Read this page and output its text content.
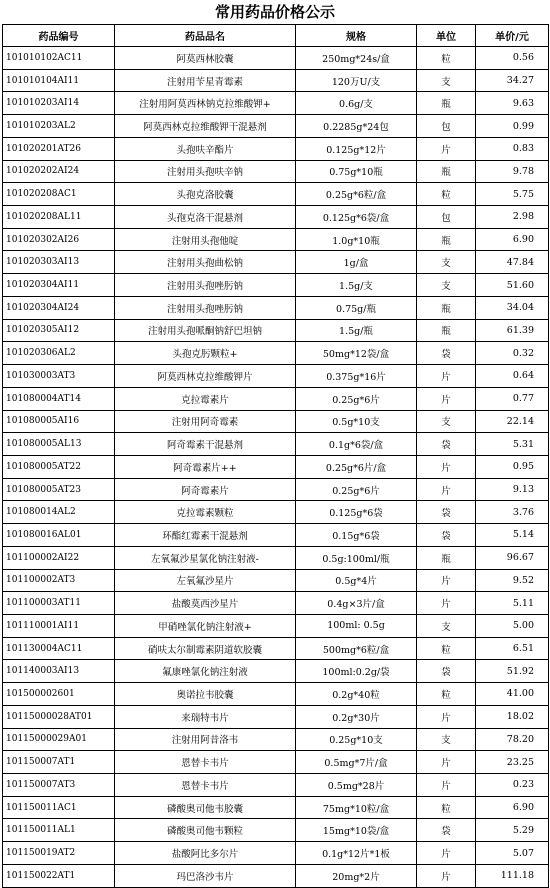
常用药品价格公示
药品编号	药品品名	规格	单位	单价/元
101010102AC11	阿莫西林胶囊	250mg*24s/盒	粒	0.56
101010104AI11	注射用苄星青霉素	120万U/支	支	34.27
101010203AI14	注射用阿莫西林钠克拉维酸钾+	0.6g/支	瓶	9.63
101010203AL2	阿莫西林克拉维酸钾干混悬剂	0.2285g*24包	包	0.99
101020201AT26	头孢呋辛酯片	0.125g*12片	片	0.83
101020202AI24	注射用头孢呋辛钠	0.75g*10瓶	瓶	9.78
101020208AC1	头孢克洛胶囊	0.25g*6粒/盒	粒	5.75
101020208AL11	头孢克洛干混悬剂	0.125g*6袋/盒	包	2.98
101020302AI26	注射用头孢他啶	1.0g*10瓶	瓶	6.90
101020303AI13	注射用头孢曲松钠	1g/盒	支	47.84
101020304AI11	注射用头孢唑肟钠	1.5g/支	支	51.60
101020304AI24	注射用头孢唑肟钠	0.75g/瓶	瓶	34.04
101020305AI12	注射用头孢哌酮钠舒巴坦钠	1.5g/瓶	瓶	61.39
101020306AL2	头孢克肟颗粒+	50mg*12袋/盒	袋	0.32
101030003AT3	阿莫西林克拉维酸钾片	0.375g*16片	片	0.64
101080004AT14	克拉霉素片	0.25g*6片	片	0.77
101080005AI16	注射用阿奇霉素	0.5g*10支	支	22.14
101080005AL13	阿奇霉素干混悬剂	0.1g*6袋/盒	袋	5.31
101080005AT22	阿奇霉素片++	0.25g*6片/盒	片	0.95
101080005AT23	阿奇霉素片	0.25g*6片	片	9.13
101080014AL2	克拉霉素颗粒	0.125g*6袋	袋	3.76
101080016AL01	环酯红霉素干混悬剂	0.15g*6袋	袋	5.14
101100002AI22	左氧氟沙星氯化钠注射液-	0.5g:100ml/瓶	瓶	96.67
101100002AT3	左氧氟沙星片	0.5g*4片	片	9.52
101100003AT11	盐酸莫西沙星片	0.4g×3片/盒	片	5.11
101110001AI11	甲硝唑氯化钠注射液+	100ml: 0.5g	支	5.00
101130004AC11	硝呋太尔制霉素阴道软胶囊	500mg*6粒/盒	粒	6.51
101140003AI13	氟康唑氯化钠注射液	100ml:0.2g/袋	袋	51.92
101500002601	奥诺拉韦胶囊	0.2g*40粒	粒	41.00
10115000028AT01	来瑞特韦片	0.2g*30片	片	18.02
10115000029A01	注射用阿昔洛韦	0.25g*10支	支	78.20
101150007AT1	恩替卡韦片	0.5mg*7片/盒	片	23.25
101150007AT3	恩替卡韦片	0.5mg*28片	片	0.23
101150011AC1	磷酸奥司他韦胶囊	75mg*10粒/盒	粒	6.90
101150011AL1	磷酸奥司他韦颗粒	15mg*10袋/盒	袋	5.29
101150019AT2	盐酸阿比多尔片	0.1g*12片*1板	片	5.07
101150022AT1	玛巴洛沙韦片	20mg*2片	片	111.18
